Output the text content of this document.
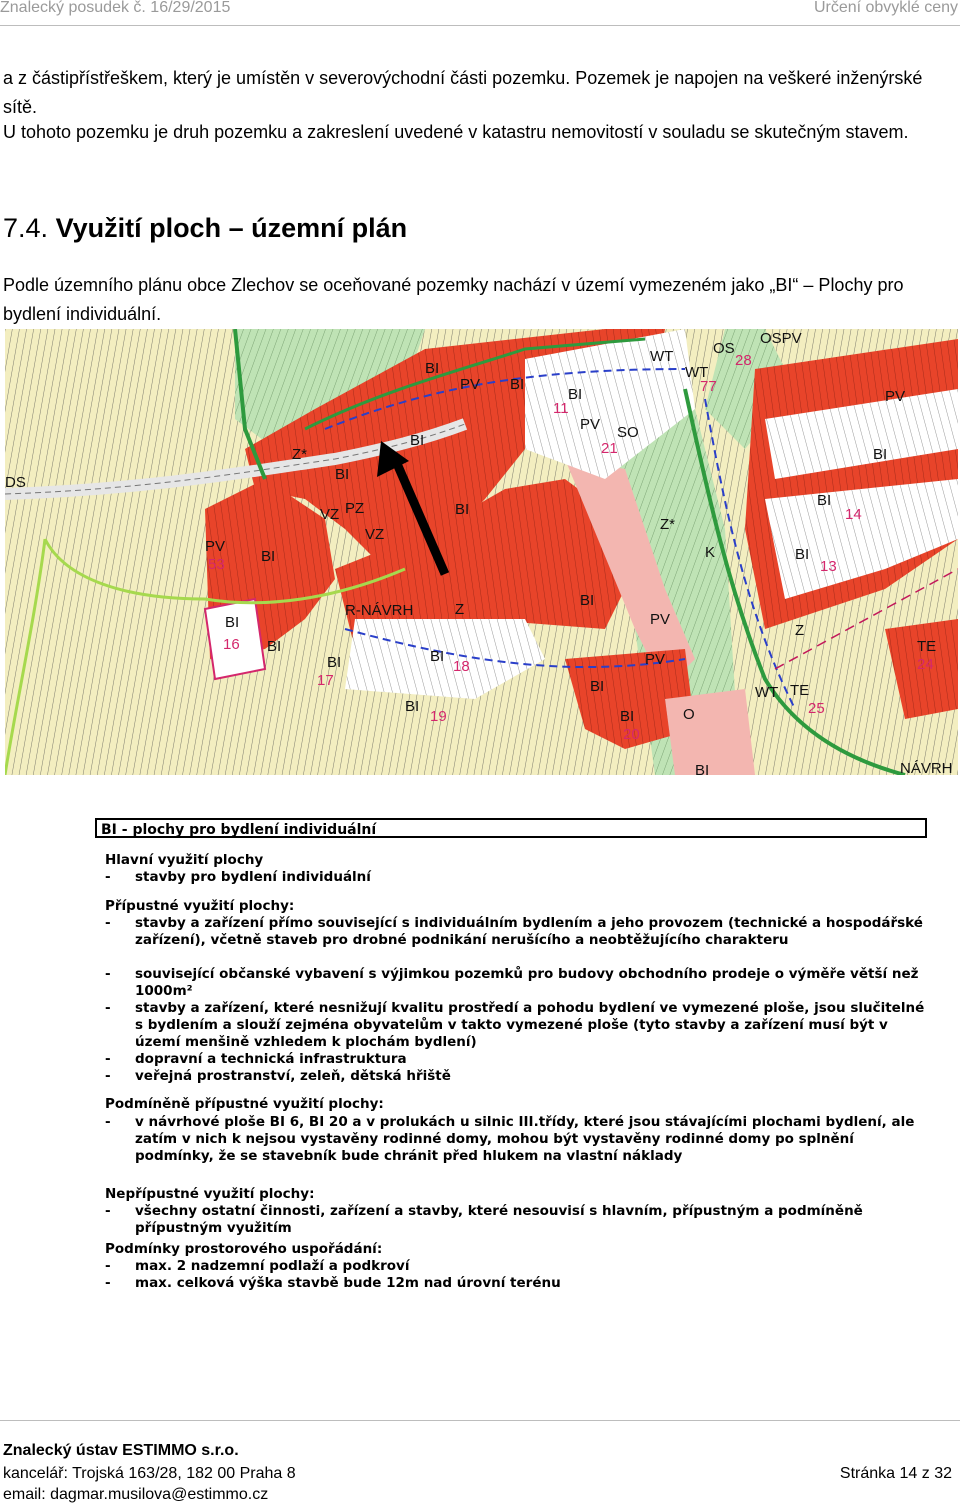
Znalecký posudek č. 16/29/2015	Určení obvyklé ceny

a z částipřístřeškem, který je umístěn v severovýchodní části pozemku. Pozemek je napojen na veškeré inženýrské sítě.

U tohoto pozemku je druh pozemku a zakreslení uvedené v katastru nemovitostí v souladu se skutečným stavem.

7.4. Využití ploch – územní plán

Podle územního plánu obce Zlechov se oceňované pozemky nachází v území vymezeném jako „BI“ – Plochy pro bydlení individuální.

BI
BI
BI
PV
BI
BI
DS
SO
PV
OS
OSPV
WT
WT
PV
BI
BI
BI
PZ
VZ
VZ
BI
PV
BI
Z*
Z*
BI
Z
PV
PV
BI
BI
BI	BI
BI
BI
BI	O
WT TE
TE
K
Z
BI
R-NÁVRH
NÁVRH
11
21
28
77
14
13
53
16
17
18
19
20
25
24
BI - plochy pro bydlení individuální
Hlavní využití plochy
- stavby pro bydlení individuální
Přípustné využití plochy:
- stavby a zařízení přímo související s individuálním bydlením a jeho provozem (technické a hospodářské zařízení), včetně staveb pro drobné podnikání nerušícího a neobtěžujícího charakteru
- související občanské vybavení s výjimkou pozemků pro budovy obchodního prodeje o výměře větší než 1000m²
- stavby a zařízení, které nesnižují kvalitu prostředí a pohodu bydlení ve vymezené ploše, jsou slučitelné s bydlením a slouží zejména obyvatelům v takto vymezené ploše (tyto stavby a zařízení musí být v území menšině vzhledem k plochám bydlení)
- dopravní a technická infrastruktura
- veřejná prostranství, zeleň, dětská hřiště
Podmíněně přípustné využití plochy:
- v návrhové ploše BI 6, BI 20 a v prolukách u silnic III.třídy, které jsou stávajícími plochami bydlení, ale zatím v nich k nejsou vystavěny rodinné domy, mohou být vystavěny rodinné domy po splnění podmínky, že se stavebník bude chránit před hlukem na vlastní náklady
Nepřípustné využití plochy:
- všechny ostatní činnosti, zařízení a stavby, které nesouvisí s hlavním, přípustným a podmíněně přípustným využitím
Podmínky prostorového uspořádání:
- max. 2 nadzemní podlaží a podkroví
- max. celková výška stavbě bude 12m nad úrovní terénu
Znalecký ústav ESTIMMO s.r.o.
kancelář: Trojská 163/28, 182 00 Praha 8	Stránka 14 z 32
email: dagmar.musilova@estimmo.cz
